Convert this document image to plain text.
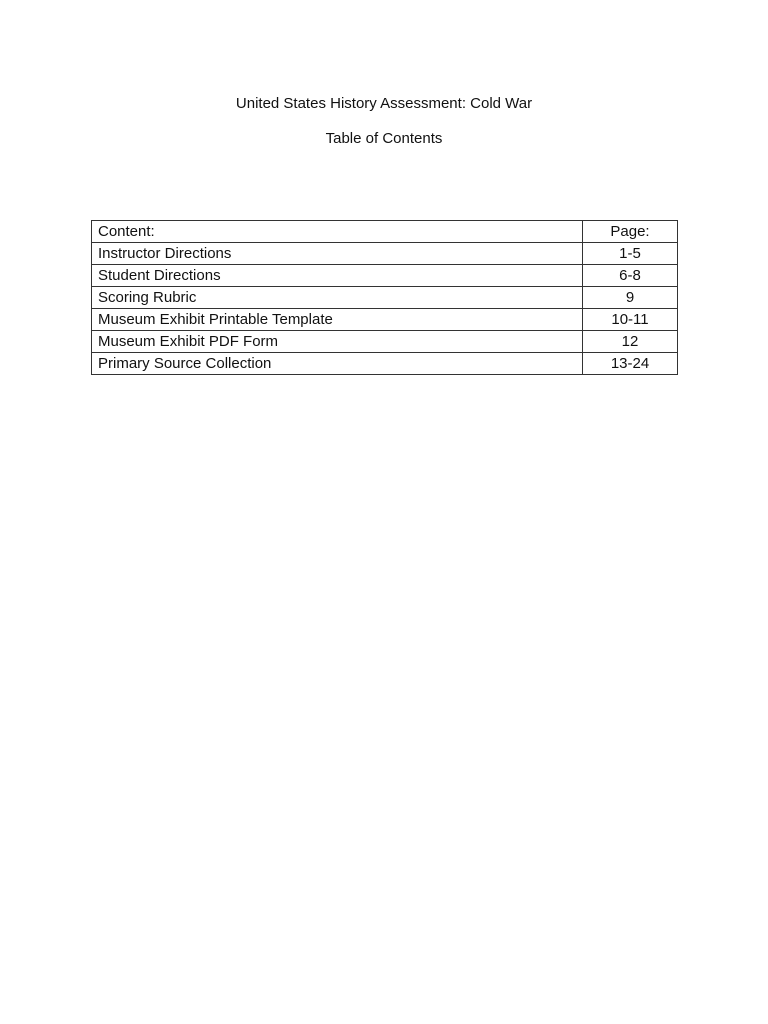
United States History Assessment: Cold War
Table of Contents
Content:	Page:
Instructor Directions	1-5
Student Directions	6-8
Scoring Rubric	9
Museum Exhibit Printable Template	10-11
Museum Exhibit PDF Form	12
Primary Source Collection	13-24
